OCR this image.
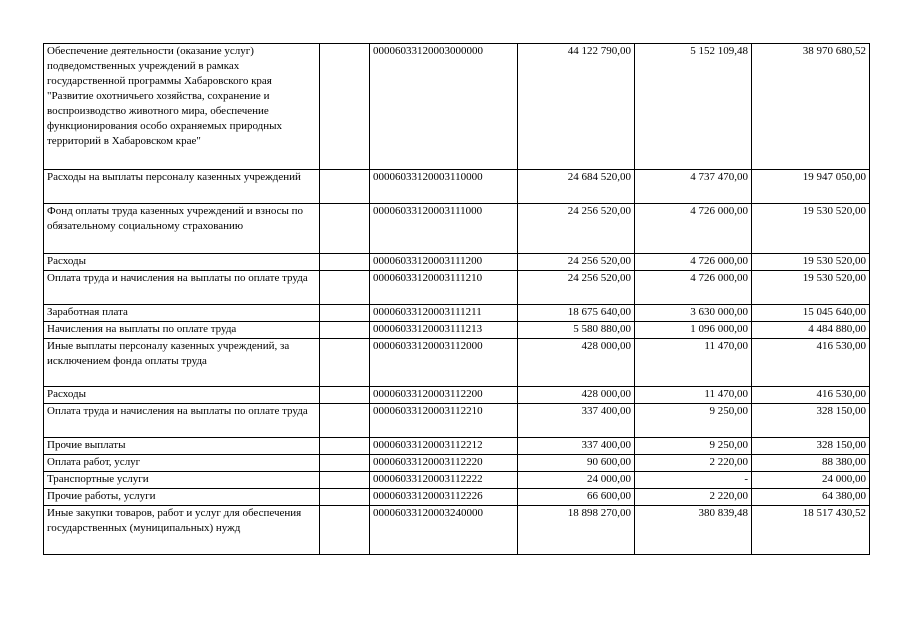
Обеспечение деятельности (оказание услуг) подведомственных учреждений в рамках государственной программы Хабаровского края "Развитие охотничьего хозяйства, сохранение и воспроизводство животного мира, обеспечение функционирования особо охраняемых природных территорий в Хабаровском крае"		00006033120003000000	44 122 790,00	5 152 109,48	38 970 680,52
Расходы на выплаты персоналу казенных учреждений		00006033120003110000	24 684 520,00	4 737 470,00	19 947 050,00
Фонд оплаты труда казенных учреждений и взносы по обязательному социальному страхованию		00006033120003111000	24 256 520,00	4 726 000,00	19 530 520,00
Расходы		00006033120003111200	24 256 520,00	4 726 000,00	19 530 520,00
Оплата труда и начисления на выплаты по оплате труда		00006033120003111210	24 256 520,00	4 726 000,00	19 530 520,00
Заработная плата		00006033120003111211	18 675 640,00	3 630 000,00	15 045 640,00
Начисления на выплаты по оплате труда		00006033120003111213	5 580 880,00	1 096 000,00	4 484 880,00
Иные выплаты персоналу казенных учреждений, за исключением фонда оплаты труда		00006033120003112000	428 000,00	11 470,00	416 530,00
Расходы		00006033120003112200	428 000,00	11 470,00	416 530,00
Оплата труда и начисления на выплаты по оплате труда		00006033120003112210	337 400,00	9 250,00	328 150,00
Прочие выплаты		00006033120003112212	337 400,00	9 250,00	328 150,00
Оплата работ, услуг		00006033120003112220	90 600,00	2 220,00	88 380,00
Транспортные услуги		00006033120003112222	24 000,00	-	24 000,00
Прочие работы, услуги		00006033120003112226	66 600,00	2 220,00	64 380,00
Иные закупки товаров, работ и услуг для обеспечения государственных (муниципальных) нужд		00006033120003240000	18 898 270,00	380 839,48	18 517 430,52
